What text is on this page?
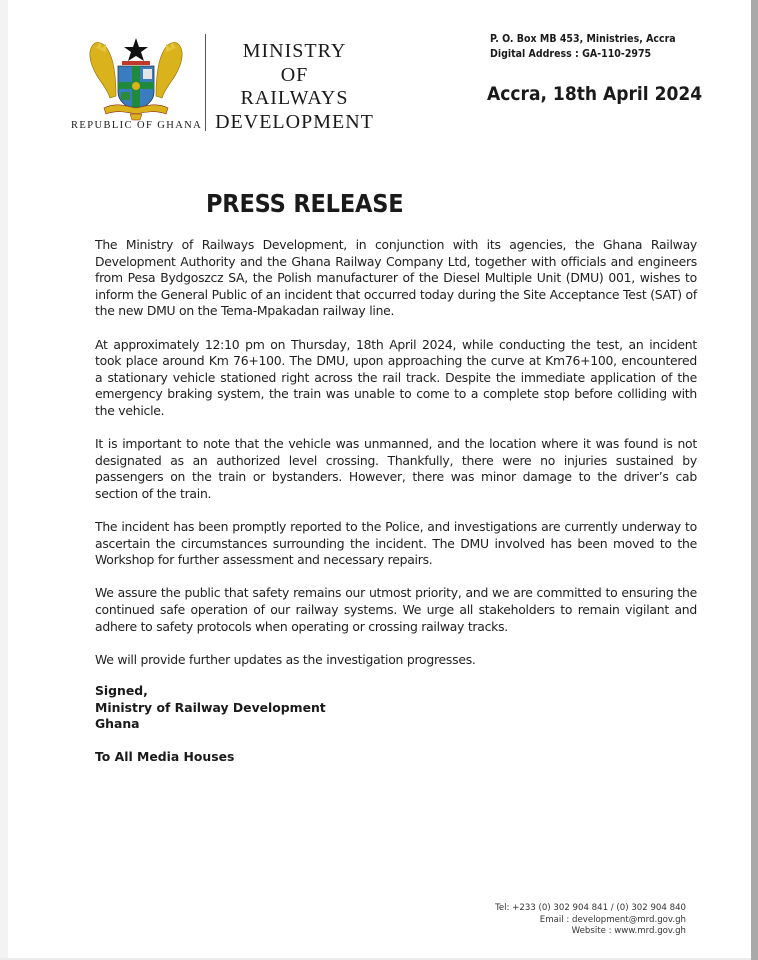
REPUBLIC OF GHANA
MINISTRY
OF
RAILWAYS
DEVELOPMENT
P. O. Box MB 453, Ministries, Accra
Digital Address : GA-110-2975
Accra, 18th April 2024
PRESS RELEASE

The Ministry of Railways Development, in conjunction with its agencies, the Ghana Railway Development Authority and the Ghana Railway Company Ltd, together with officials and engineers from Pesa Bydgoszcz SA, the Polish manufacturer of the Diesel Multiple Unit (DMU) 001, wishes to inform the General Public of an incident that occurred today during the Site Acceptance Test (SAT) of the new DMU on the Tema-Mpakadan railway line.

At approximately 12:10 pm on Thursday, 18th April 2024, while conducting the test, an incident took place around Km 76+100. The DMU, upon approaching the curve at Km76+100, encountered a stationary vehicle stationed right across the rail track. Despite the immediate application of the emergency braking system, the train was unable to come to a complete stop before colliding with the vehicle.

It is important to note that the vehicle was unmanned, and the location where it was found is not designated as an authorized level crossing. Thankfully, there were no injuries sustained by passengers on the train or bystanders. However, there was minor damage to the driver’s cab section of the train.

The incident has been promptly reported to the Police, and investigations are currently underway to ascertain the circumstances surrounding the incident. The DMU involved has been moved to the Workshop for further assessment and necessary repairs.

We assure the public that safety remains our utmost priority, and we are committed to ensuring the continued safe operation of our railway systems. We urge all stakeholders to remain vigilant and adhere to safety protocols when operating or crossing railway tracks.

We will provide further updates as the investigation progresses.

Signed,
Ministry of Railway Development
Ghana
To All Media Houses
Tel: +233 (0) 302 904 841 / (0) 302 904 840
Email : development@mrd.gov.gh
Website : www.mrd.gov.gh
